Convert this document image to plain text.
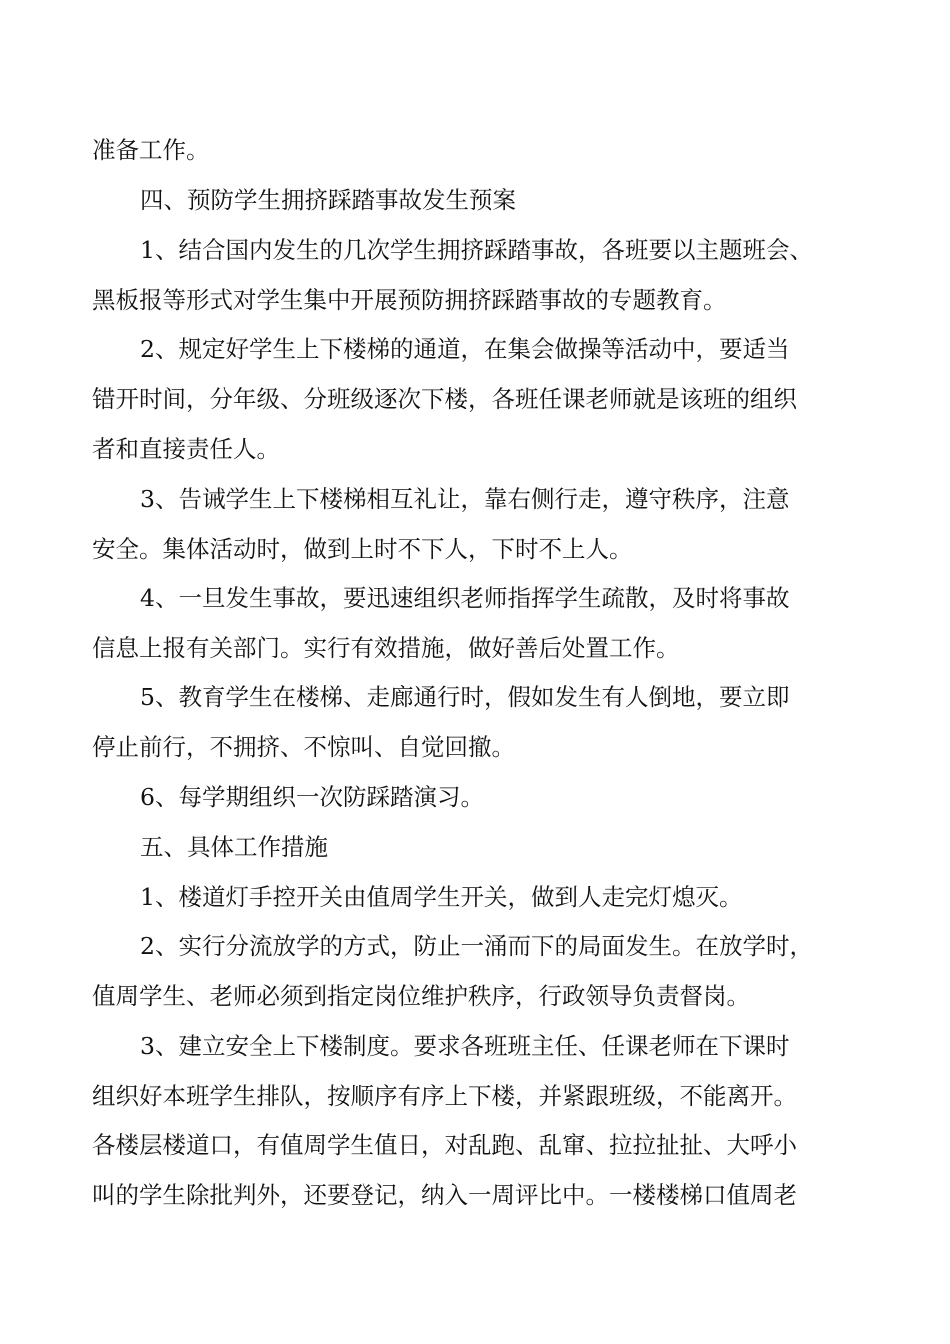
准备工作。

四、预防学生拥挤踩踏事故发生预案

1、结合国内发生的几次学生拥挤踩踏事故，各班要以主题班会、

黑板报等形式对学生集中开展预防拥挤踩踏事故的专题教育。

2、规定好学生上下楼梯的通道，在集会做操等活动中，要适当

错开时间，分年级、分班级逐次下楼，各班任课老师就是该班的组织

者和直接责任人。

3、告诫学生上下楼梯相互礼让，靠右侧行走，遵守秩序，注意

安全。集体活动时，做到上时不下人，下时不上人。

4、一旦发生事故，要迅速组织老师指挥学生疏散，及时将事故

信息上报有关部门。实行有效措施，做好善后处置工作。

5、教育学生在楼梯、走廊通行时，假如发生有人倒地，要立即

停止前行，不拥挤、不惊叫、自觉回撤。

6、每学期组织一次防踩踏演习。

五、具体工作措施

1、楼道灯手控开关由值周学生开关，做到人走完灯熄灭。

2、实行分流放学的方式，防止一涌而下的局面发生。在放学时，

值周学生、老师必须到指定岗位维护秩序，行政领导负责督岗。

3、建立安全上下楼制度。要求各班班主任、任课老师在下课时

组织好本班学生排队，按顺序有序上下楼，并紧跟班级，不能离开。

各楼层楼道口，有值周学生值日，对乱跑、乱窜、拉拉扯扯、大呼小

叫的学生除批判外，还要登记，纳入一周评比中。一楼楼梯口值周老
